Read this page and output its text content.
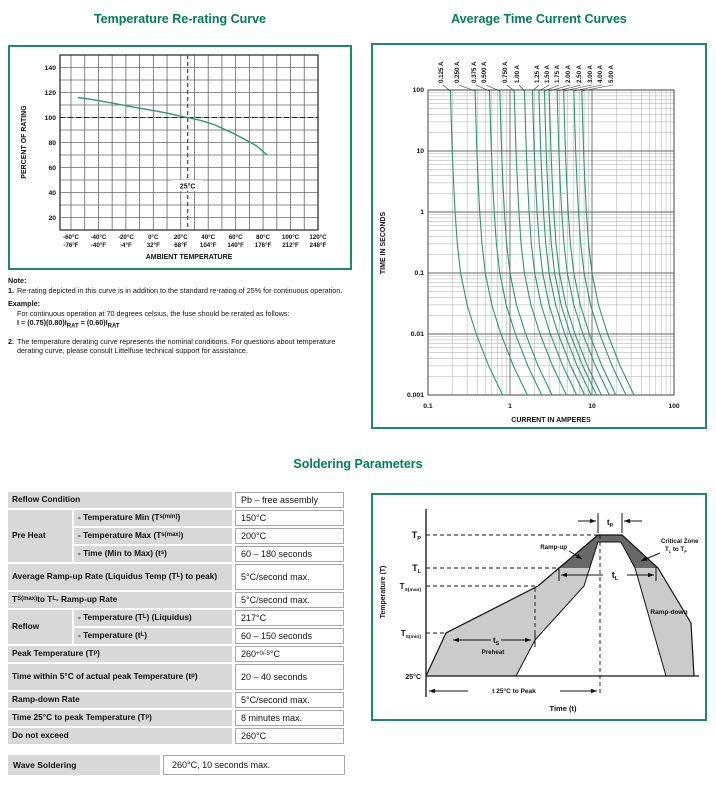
Temperature Re-rating Curve	Average Time Current Curves
20
40
60
80
100
120
140
-60°C
-76°F
-40°C
-40°F
-20°C
-4°F
0°C
32°F
20°C
68°F
40°C
104°F
60°C
140°F
80°C
176°F
100°C
212°F
120°C
248°F
25°C
PERCENT OF RATING
AMBIENT TEMPERATURE
100
10
1
0.1
0.01
0.001
0.1	1	10	100
TIME IN SECONDS
CURRENT IN AMPERES
0.125 A 0.250 A 0.375 A 0.500 A 0.750 A 1.00 A 1.25 A 1.50 A 1.75 A 2.00 A 2.50 A 3.00 A 4.00 A 5.00 A

Note:

1. Re-rating depicted in this curve is in addition to the standard re-rating of 25% for continuous operation.

Example:

For continuous operation at 70 degrees celsius, the fuse should be rerated as follows:

$I = (0.75)(0.80)I_{RAT} = (0.60)I_{RAT}$

2. The temperature derating curve represents the nominal conditions. For questions about temperature derating curve, please consult Littelfuse technical support for assistance.

Soldering Parameters
Reflow Condition	Pb – free assembly
Pre Heat
- Temperature Min (T s(min) )	150°C
- Temperature Max (T s(max) )	200°C
- Time (Min to Max) (t s )	60 – 180 seconds
Average Ramp-up Rate (Liquidus Temp (T L ) to peak)	5°C/second max.
T S(max) to T L - Ramp-up Rate	5°C/second max.
Reflow
- Temperature (T L ) (Liquidus)	217°C
- Temperature (t L )	60 – 150 seconds
Peak Temperature (T p )	260 +0/-5 °C
Time within 5°C of actual peak Temperature (t p )	20 – 40 seconds
Ramp-down Rate	5°C/second max.
Time 25°C to peak Temperature (T p )	8 minutes max.
Do not exceed	260°C
$T_P$
$T_L$
$T_{S(max)}$
$T_{S(min)}$
25°C
Temperature (T)
Time (t)
$t_P$
$t_L$
$t_S$
Preheat
t 25°C to Peak
Ramp-up
Critical Zone
$T_L$ to $T_P$
Ramp-down
Wave Soldering	260°C, 10 seconds max.
